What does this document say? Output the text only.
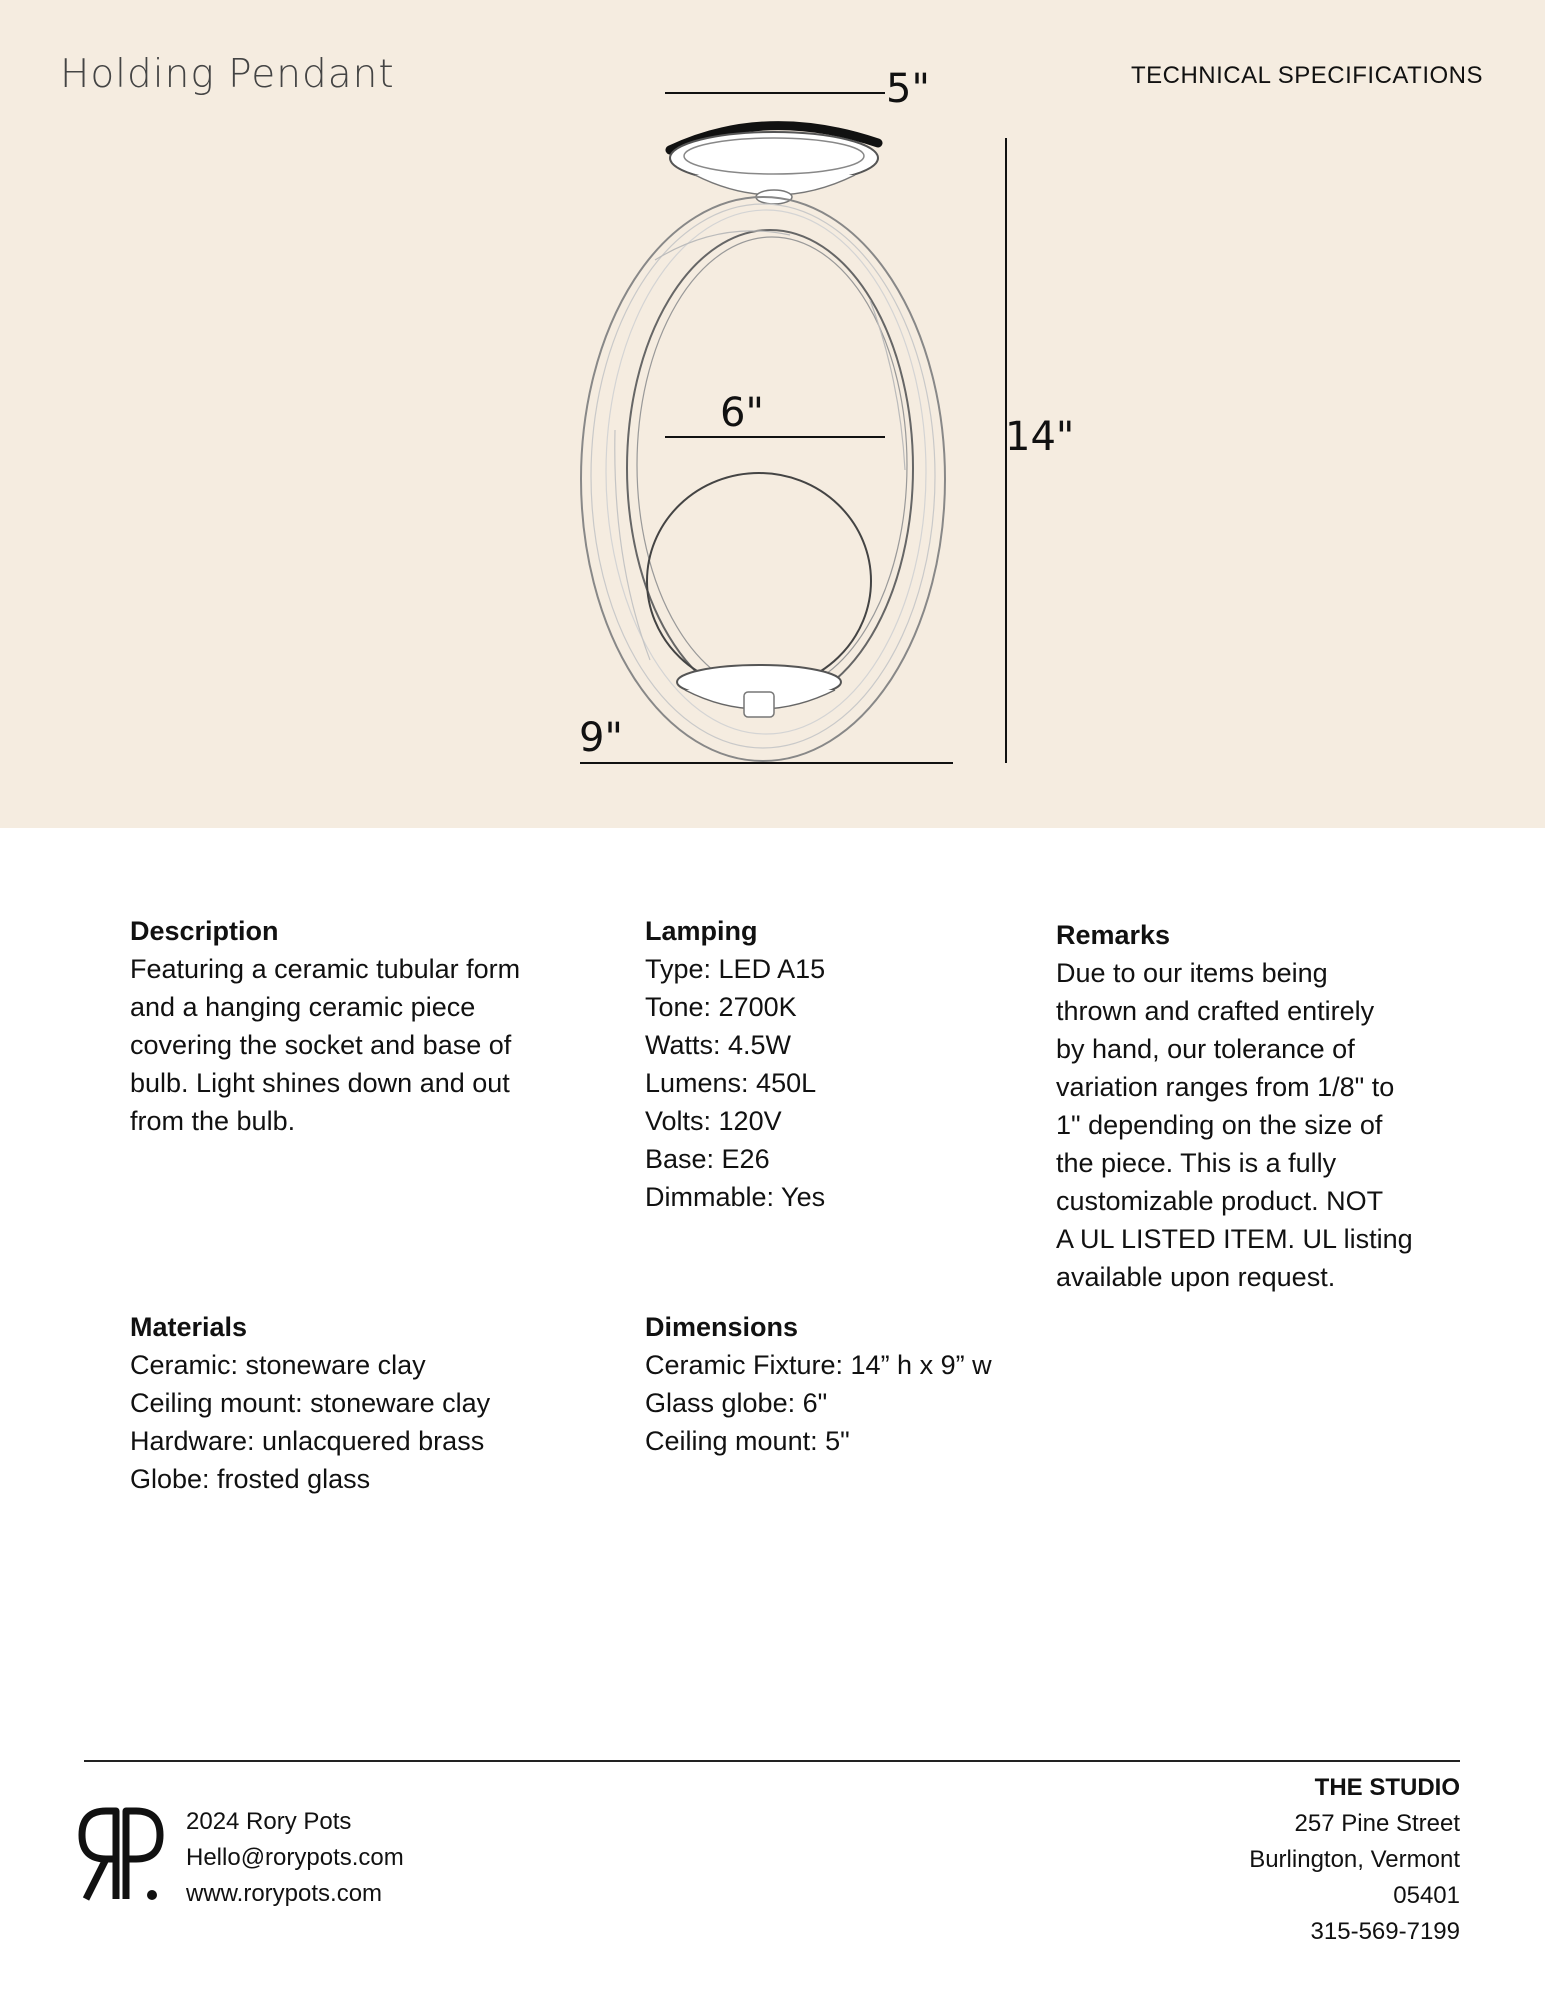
Holding Pendant	TECHNICAL SPECIFICATIONS
5"
6"
14"
9"
Description
Featuring a ceramic tubular form
and a hanging ceramic piece
covering the socket and base of
bulb. Light shines down and out
from the bulb.
Lamping
Type: LED A15
Tone: 2700K
Watts: 4.5W
Lumens: 450L
Volts: 120V
Base: E26
Dimmable: Yes
Remarks
Due to our items being
thrown and crafted entirely
by hand, our tolerance of
variation ranges from 1/8" to
1" depending on the size of
the piece. This is a fully
customizable product. NOT
A UL LISTED ITEM. UL listing
available upon request.
Materials
Ceramic: stoneware clay
Ceiling mount: stoneware clay
Hardware: unlacquered brass
Globe: frosted glass
Dimensions
Ceramic Fixture: 14” h x 9” w
Glass globe: 6"
Ceiling mount: 5"
2024 Rory Pots
Hello@rorypots.com
www.rorypots.com
THE STUDIO
257 Pine Street
Burlington, Vermont
05401
315-569-7199
